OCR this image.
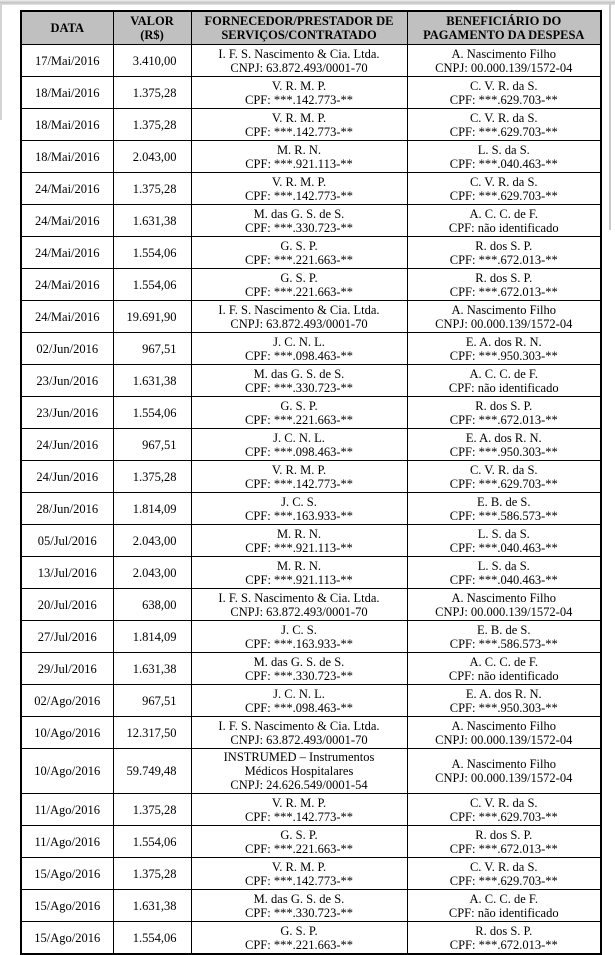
DATA	VALOR
(R$)

FORNECEDOR/PRESTADOR DE
SERVIÇOS/CONTRATADO

BENEFICIÁRIO DO
PAGAMENTO DA DESPESA

17/Mai/2016	3.410,00	I. F. S. Nascimento & Cia. Ltda.
CNPJ: 63.872.493/0001-70

A. Nascimento Filho
CNPJ: 00.000.139/1572-04

18/Mai/2016	1.375,28	V. R. M. P.
CPF: ***.142.773-**

C. V. R. da S.
CPF: ***.629.703-**

18/Mai/2016	1.375,28	V. R. M. P.
CPF: ***.142.773-**

C. V. R. da S.
CPF: ***.629.703-**

18/Mai/2016	2.043,00	M. R. N.
CPF: ***.921.113-**

L. S. da S.
CPF: ***.040.463-**

24/Mai/2016	1.375,28	V. R. M. P.
CPF: ***.142.773-**

C. V. R. da S.
CPF: ***.629.703-**

24/Mai/2016	1.631,38	M. das G. S. de S.
CPF: ***.330.723-**

A. C. C. de F.
CPF: não identificado

24/Mai/2016	1.554,06	G. S. P.
CPF: ***.221.663-**

R. dos S. P.
CPF: ***.672.013-**

24/Mai/2016	1.554,06	G. S. P.
CPF: ***.221.663-**

R. dos S. P.
CPF: ***.672.013-**

24/Mai/2016	19.691,90	I. F. S. Nascimento & Cia. Ltda.
CNPJ: 63.872.493/0001-70

A. Nascimento Filho
CNPJ: 00.000.139/1572-04

02/Jun/2016	967,51	J. C. N. L.
CPF: ***.098.463-**

E. A. dos R. N.
CPF: ***.950.303-**

23/Jun/2016	1.631,38	M. das G. S. de S.
CPF: ***.330.723-**

A. C. C. de F.
CPF: não identificado

23/Jun/2016	1.554,06	G. S. P.
CPF: ***.221.663-**

R. dos S. P.
CPF: ***.672.013-**

24/Jun/2016	967,51	J. C. N. L.
CPF: ***.098.463-**

E. A. dos R. N.
CPF: ***.950.303-**

24/Jun/2016	1.375,28	V. R. M. P.
CPF: ***.142.773-**

C. V. R. da S.
CPF: ***.629.703-**

28/Jun/2016	1.814,09	J. C. S.
CPF: ***.163.933-**

E. B. de S.
CPF: ***.586.573-**

05/Jul/2016	2.043,00	M. R. N.
CPF: ***.921.113-**

L. S. da S.
CPF: ***.040.463-**

13/Jul/2016	2.043,00	M. R. N.
CPF: ***.921.113-**

L. S. da S.
CPF: ***.040.463-**

20/Jul/2016	638,00	I. F. S. Nascimento & Cia. Ltda.
CNPJ: 63.872.493/0001-70

A. Nascimento Filho
CNPJ: 00.000.139/1572-04

27/Jul/2016	1.814,09	J. C. S.
CPF: ***.163.933-**

E. B. de S.
CPF: ***.586.573-**

29/Jul/2016	1.631,38	M. das G. S. de S.
CPF: ***.330.723-**

A. C. C. de F.
CPF: não identificado

02/Ago/2016	967,51	J. C. N. L.
CPF: ***.098.463-**

E. A. dos R. N.
CPF: ***.950.303-**

10/Ago/2016	12.317,50	I. F. S. Nascimento & Cia. Ltda.
CNPJ: 63.872.493/0001-70

A. Nascimento Filho
CNPJ: 00.000.139/1572-04

10/Ago/2016	59.749,48	
INSTRUMED – Instrumentos
Médicos Hospitalares
CNPJ: 24.626.549/0001-54

A. Nascimento Filho
CNPJ: 00.000.139/1572-04

11/Ago/2016	1.375,28	V. R. M. P.
CPF: ***.142.773-**

C. V. R. da S.
CPF: ***.629.703-**

11/Ago/2016	1.554,06	G. S. P.
CPF: ***.221.663-**

R. dos S. P.
CPF: ***.672.013-**

15/Ago/2016	1.375,28	V. R. M. P.
CPF: ***.142.773-**

C. V. R. da S.
CPF: ***.629.703-**

15/Ago/2016	1.631,38	M. das G. S. de S.
CPF: ***.330.723-**

A. C. C. de F.
CPF: não identificado

15/Ago/2016	1.554,06	G. S. P.
CPF: ***.221.663-**

R. dos S. P.
CPF: ***.672.013-**
